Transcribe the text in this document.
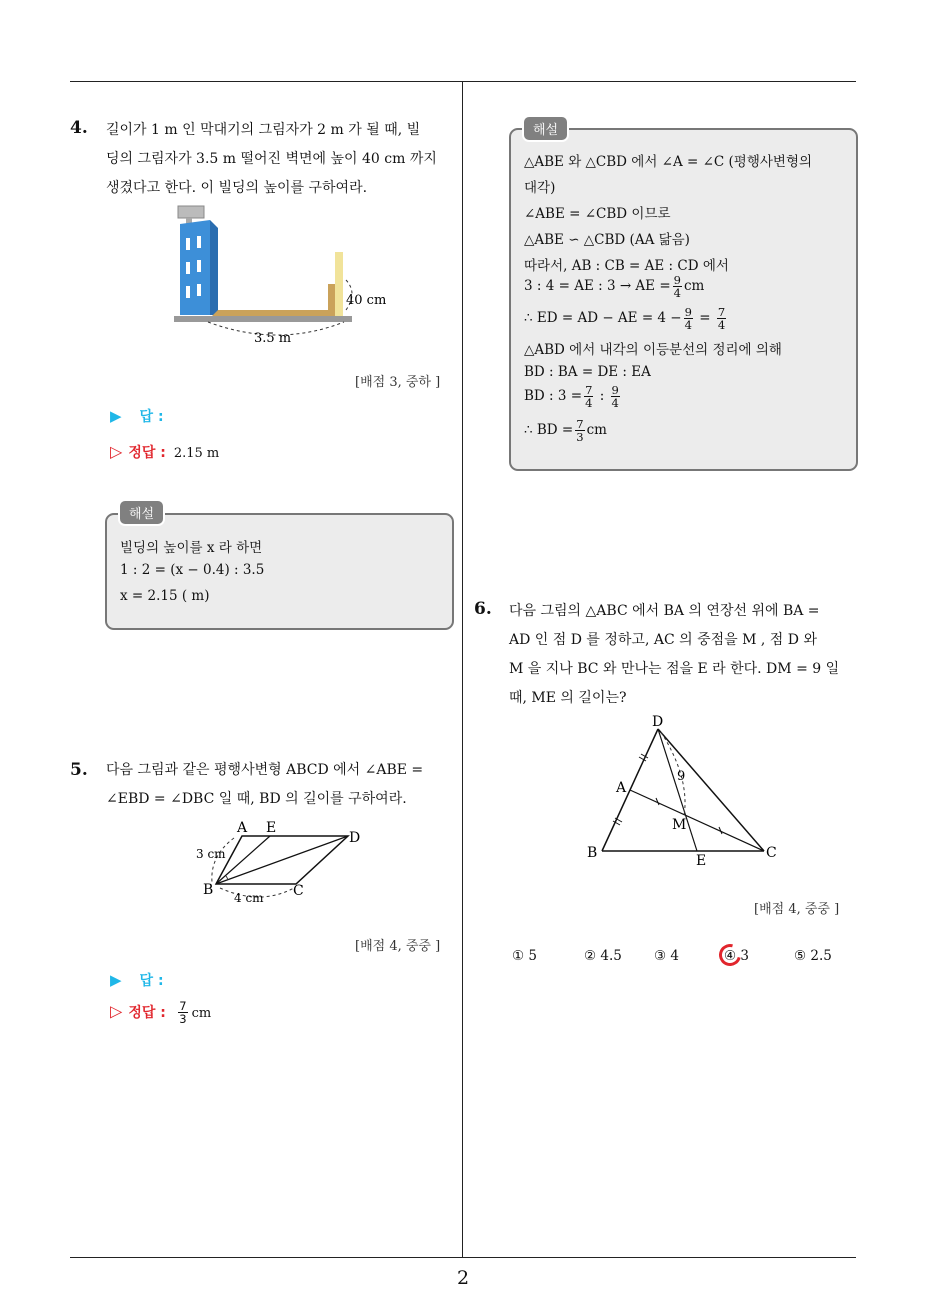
2
4. 길이가 1 m 인 막대기의 그림자가 2 m 가 될 때, 빌
딩의 그림자가 3.5 m 떨어진 벽면에 높이 40 cm 까지
생겼다고 한다. 이 빌딩의 높이를 구하여라.
40 cm
3.5 m
[배점 3, 중하 ]
▶ 답 :
▷ 정답 : 2.15 m
빌딩의 높이를 x 라 하면
1 : 2 = (x − 0.4) : 3.5
x = 2.15 ( m)
해설
5. 다음 그림과 같은 평행사변형 ABCD 에서 ∠ABE =
∠EBD = ∠DBC 일 때, BD 의 길이를 구하여라.
A E
D
B	C
3 cm
4 cm
[배점 4, 중중 ]
▶ 답 :
▷ 정답 : $\frac{7}{3}$ cm
△ABE 와 △CBD 에서 ∠A = ∠C (평행사변형의
대각)
∠ABE = ∠CBD 이므로
△ABE ∽ △CBD (AA 닮음)
따라서, AB : CB = AE : CD 에서
3 : 4 = AE : 3 → AE = $\frac{9}{4}$ cm
∴ ED = AD − AE = $4 - \frac{9}{4} = \frac{7}{4}$
△ABD 에서 내각의 이등분선의 정리에 의해
BD : BA = DE : EA
BD : $3 = \frac{7}{4}$ : $\frac{9}{4}$
∴ BD = $\frac{7}{3}$ cm
해설
6. 다음 그림의 △ABC 에서 BA 의 연장선 위에 BA =
AD 인 점 D 를 정하고, AC 의 중점을 M , 점 D 와
M 을 지나 BC 와 만나는 점을 E 라 한다. DM = 9 일
때, ME 의 길이는?
D
A
M
B	E	C
9
[배점 4, 중중 ]
① 5	② 4.5 ③ 4	④ 3	⑤ 2.5
